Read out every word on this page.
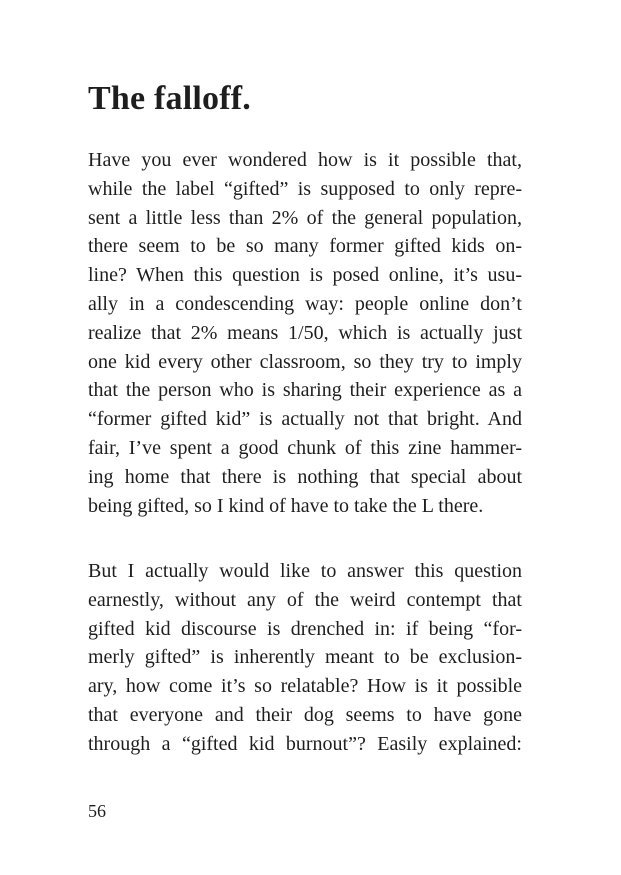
The falloff.
Have you ever wondered how is it possible that,
while the label “gifted” is supposed to only repre-
sent a little less than 2% of the general population,
there seem to be so many former gifted kids on-
line? When this question is posed online, it’s usu-
ally in a condescending way: people online don’t
realize that 2% means 1/50, which is actually just
one kid every other classroom, so they try to imply
that the person who is sharing their experience as a
“former gifted kid” is actually not that bright. And
fair, I’ve spent a good chunk of this zine hammer-
ing home that there is nothing that special about
being gifted, so I kind of have to take the L there.
But I actually would like to answer this question
earnestly, without any of the weird contempt that
gifted kid discourse is drenched in: if being “for-
merly gifted” is inherently meant to be exclusion-
ary, how come it’s so relatable? How is it possible
that everyone and their dog seems to have gone
through a “gifted kid burnout”? Easily explained:
56
